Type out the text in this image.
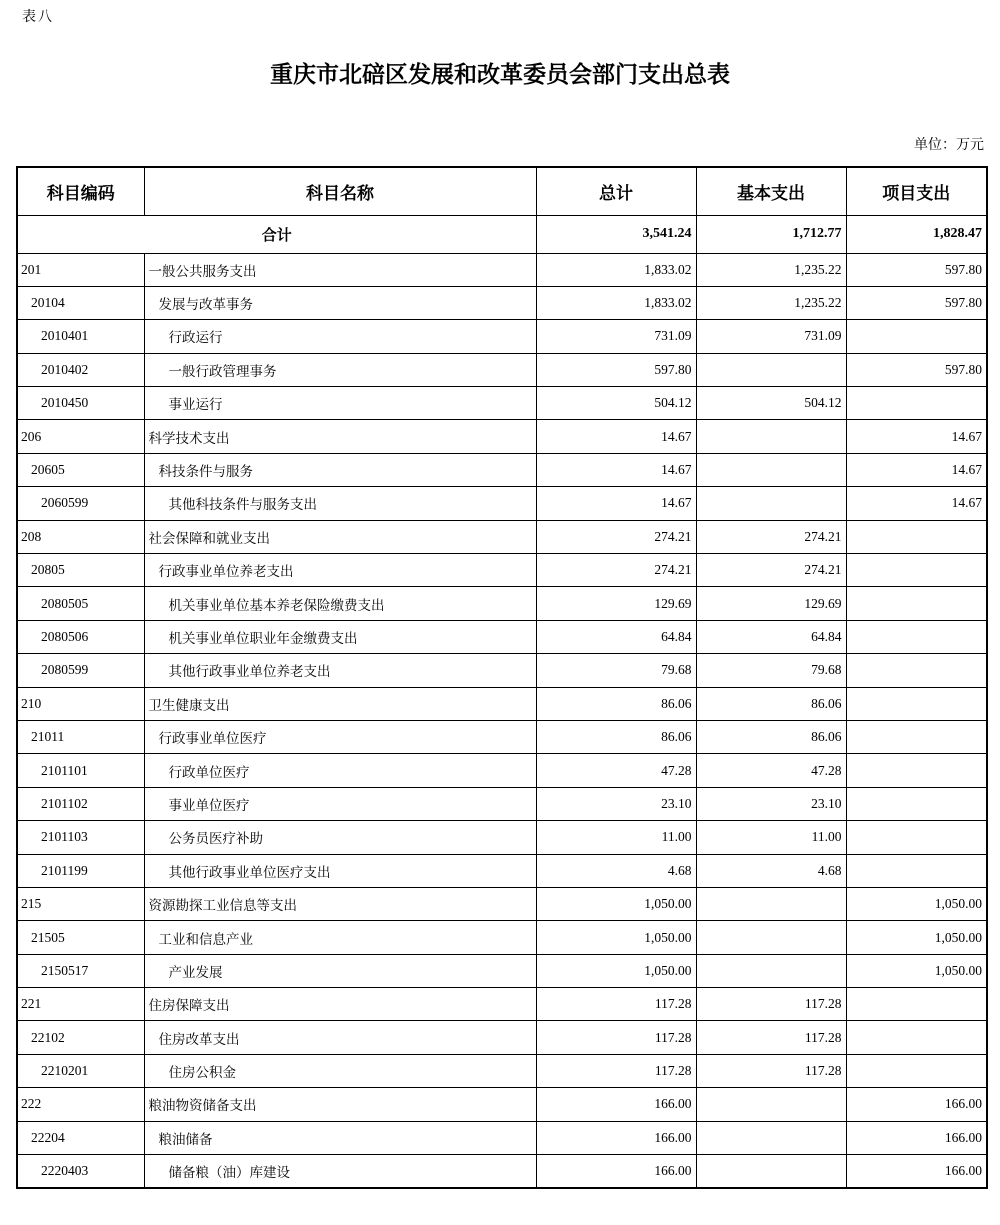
表八
重庆市北碚区发展和改革委员会部门支出总表
单位：万元
科目编码	科目名称	总计	基本支出	项目支出
合计		3,541.24	1,712.77	1,828.47
201	一般公共服务支出	1,833.02	1,235.22	597.80
20104	发展与改革事务	1,833.02	1,235.22	597.80
2010401	行政运行	731.09	731.09	
2010402	一般行政管理事务	597.80		597.80
2010450	事业运行	504.12	504.12	
206	科学技术支出	14.67		14.67
20605	科技条件与服务	14.67		14.67
2060599	其他科技条件与服务支出	14.67		14.67
208	社会保障和就业支出	274.21	274.21	
20805	行政事业单位养老支出	274.21	274.21	
2080505	机关事业单位基本养老保险缴费支出	129.69	129.69	
2080506	机关事业单位职业年金缴费支出	64.84	64.84	
2080599	其他行政事业单位养老支出	79.68	79.68	
210	卫生健康支出	86.06	86.06	
21011	行政事业单位医疗	86.06	86.06	
2101101	行政单位医疗	47.28	47.28	
2101102	事业单位医疗	23.10	23.10	
2101103	公务员医疗补助	11.00	11.00	
2101199	其他行政事业单位医疗支出	4.68	4.68	
215	资源勘探工业信息等支出	1,050.00		1,050.00
21505	工业和信息产业	1,050.00		1,050.00
2150517	产业发展	1,050.00		1,050.00
221	住房保障支出	117.28	117.28	
22102	住房改革支出	117.28	117.28	
2210201	住房公积金	117.28	117.28	
222	粮油物资储备支出	166.00		166.00
22204	粮油储备	166.00		166.00
2220403	储备粮（油）库建设	166.00		166.00
